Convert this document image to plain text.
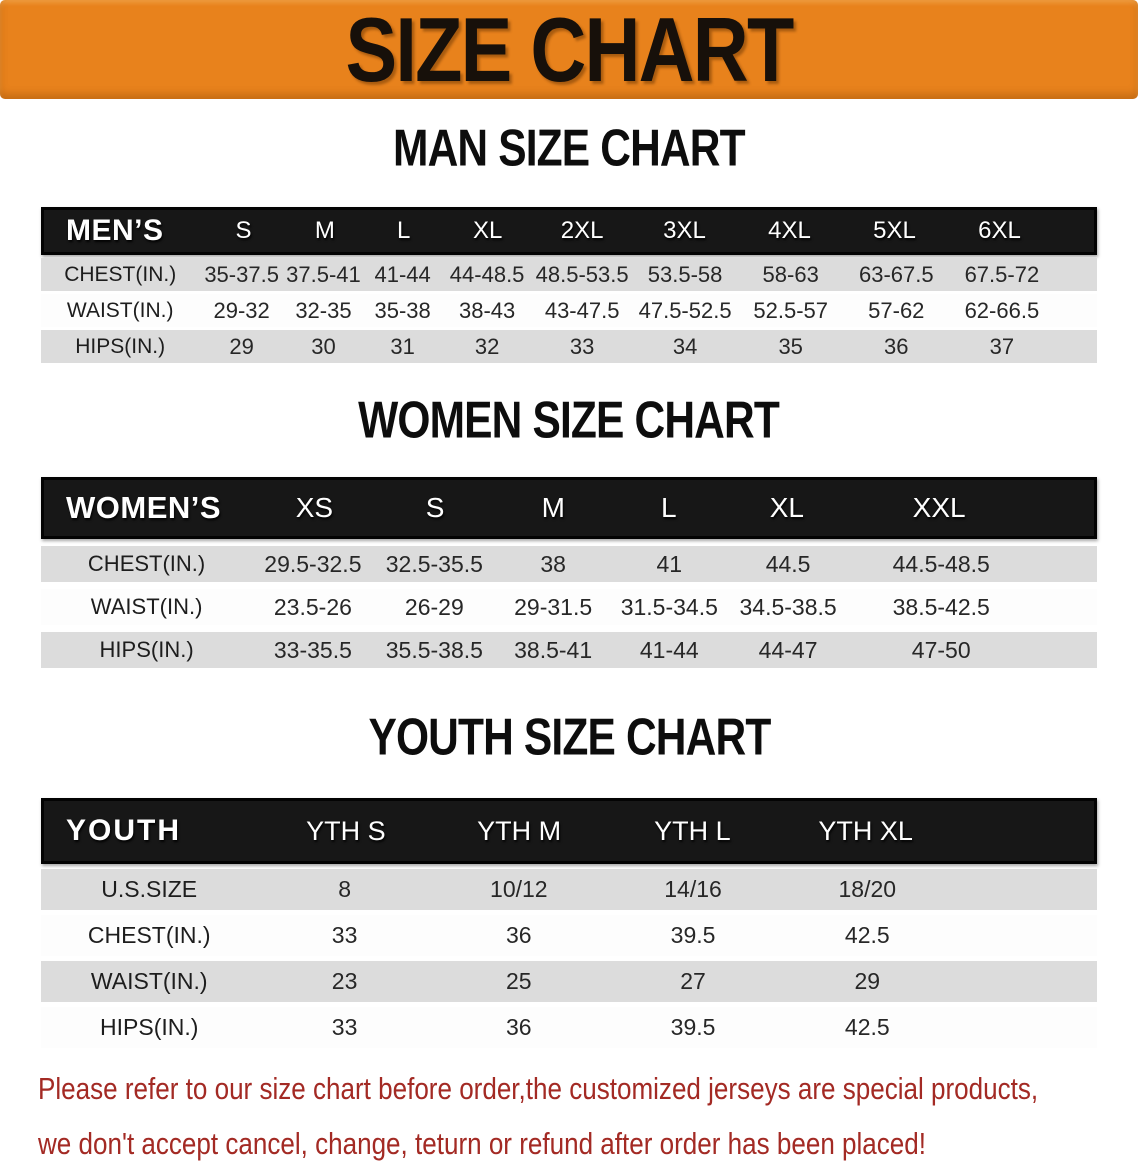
SIZE CHART
MAN SIZE CHART
MEN’S	S	M	L	XL	2XL	3XL	4XL	5XL	6XL
CHEST(IN.)	35-37.5 37.5-41 41-44 44-48.5 48.5-53.5 53.5-58	58-63	63-67.5	67.5-72
WAIST(IN.)	29-32	32-35	35-38	38-43	43-47.5 47.5-52.5 52.5-57	57-62	62-66.5
HIPS(IN.)	29	30	31	32	33	34	35	36	37
WOMEN SIZE CHART
WOMEN’S	XS	S	M	L	XL	XXL
CHEST(IN.)	29.5-32.5	32.5-35.5	38	41	44.5	44.5-48.5
WAIST(IN.)	23.5-26	26-29	29-31.5	31.5-34.5 34.5-38.5	38.5-42.5
HIPS(IN.)	33-35.5	35.5-38.5	38.5-41	41-44	44-47	47-50
YOUTH SIZE CHART
YOUTH	YTH S	YTH M	YTH L	YTH XL
U.S.SIZE	8	10/12	14/16	18/20
CHEST(IN.)	33	36	39.5	42.5
WAIST(IN.)	23	25	27	29
HIPS(IN.)	33	36	39.5	42.5

Please refer to our size chart before order,the customized jerseys are special products,

we don't accept cancel, change, teturn or refund after order has been placed!
